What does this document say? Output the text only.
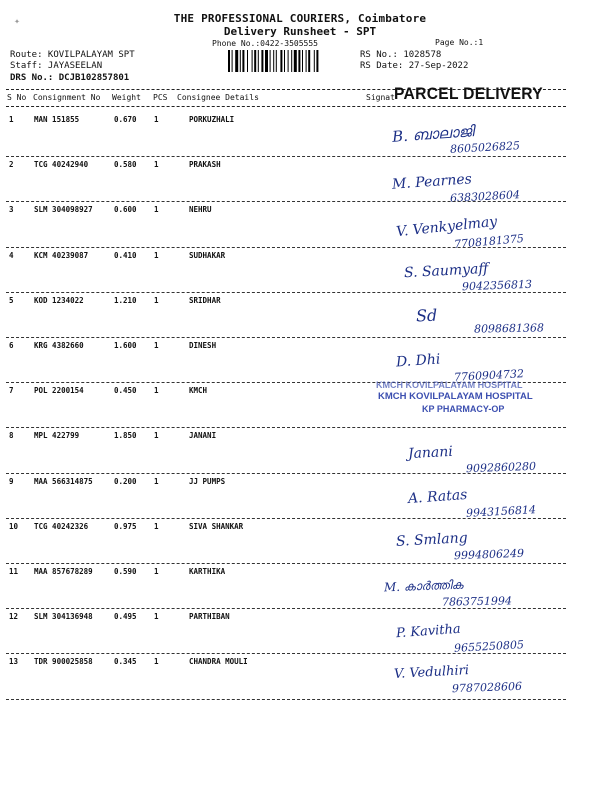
✦	THE PROFESSIONAL COURIERS, Coimbatore
Delivery Runsheet - SPT
Phone No.:0422-3505555	Page No.:1
Route: KOVILPALAYAM SPT
Staff: JAYASEELAN
DRS No.: DCJB102857801
RS No.: 1028578
RS Date: 27-Sep-2022
S No Consignment No Weight PCS Consignee Details	Signat PARCEL DELIVERY
1	MAN 151855	0.670 1	PORKUZHALI
B. ബാലാജി
8605026825
2	TCG 40242940	0.580 1	PRAKASH
M. Pearnes
6383028604
3	SLM 304098927	0.600 1	NEHRU
V. Venkyelmay
7708181375
4	KCM 40239087	0.410 1	SUDHAKAR
S. Saumyaff
9042356813
5	KOD 1234022	1.210 1	SRIDHAR
Sd
8098681368
6	KRG 4382660	1.600 1	DINESH
D. Dhi
7760904732
7	POL 2200154	0.450 1	KMCH
8	MPL 422799	1.850 1	JANANI
Janani
9092860280
9	MAA 566314875	0.200 1	JJ PUMPS
A. Ratas
9943156814
10 TCG 40242326	0.975 1	SIVA SHANKAR
S. Smlang
9994806249
11 MAA 857678289	0.590 1	KARTHIKA
M. കാർത്തിക
7863751994
12 SLM 304136948	0.495 1	PARTHIBAN
P. Kavitha
9655250805
13 TDR 900025858	0.345 1	CHANDRA MOULI
V. Vedulhiri
9787028606
KMCH KOVILPALAYAM HOSPITAL
KMCH KOVILPALAYAM HOSPITAL
KP PHARMACY-OP
